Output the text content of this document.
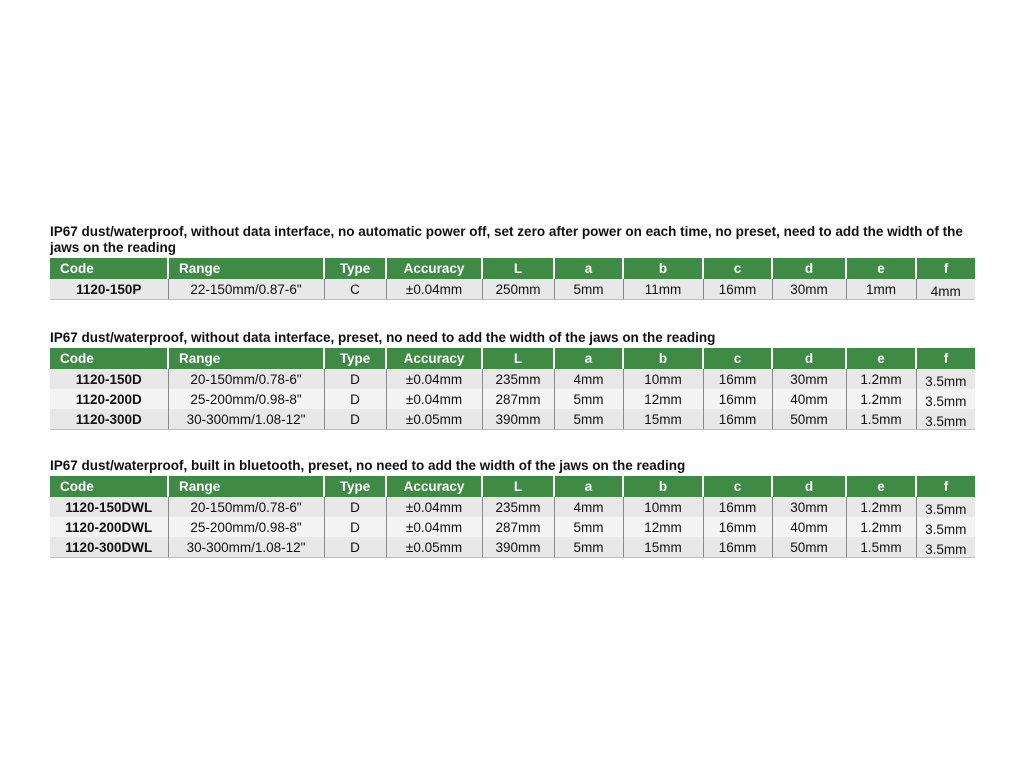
IP67 dust/waterproof, without data interface, no automatic power off, set zero after power on each time, no preset, need to add the width of the jaws on the reading

Code	Range	Type	Accuracy	L	a	b	c	d	e	f
1120-150P	22-150mm/0.87-6"	C	±0.04mm	250mm	5mm	11mm	16mm	30mm	1mm	4mm

IP67 dust/waterproof, without data interface, preset, no need to add the width of the jaws on the reading

Code	Range	Type	Accuracy	L	a	b	c	d	e	f
1120-150D	20-150mm/0.78-6"	D	±0.04mm	235mm	4mm	10mm	16mm	30mm	1.2mm	3.5mm
1120-200D	25-200mm/0.98-8"	D	±0.04mm	287mm	5mm	12mm	16mm	40mm	1.2mm	3.5mm
1120-300D	30-300mm/1.08-12"	D	±0.05mm	390mm	5mm	15mm	16mm	50mm	1.5mm	3.5mm

IP67 dust/waterproof, built in bluetooth, preset, no need to add the width of the jaws on the reading

Code	Range	Type	Accuracy	L	a	b	c	d	e	f
1120-150DWL	20-150mm/0.78-6"	D	±0.04mm	235mm	4mm	10mm	16mm	30mm	1.2mm	3.5mm
1120-200DWL	25-200mm/0.98-8"	D	±0.04mm	287mm	5mm	12mm	16mm	40mm	1.2mm	3.5mm
1120-300DWL	30-300mm/1.08-12"	D	±0.05mm	390mm	5mm	15mm	16mm	50mm	1.5mm	3.5mm
